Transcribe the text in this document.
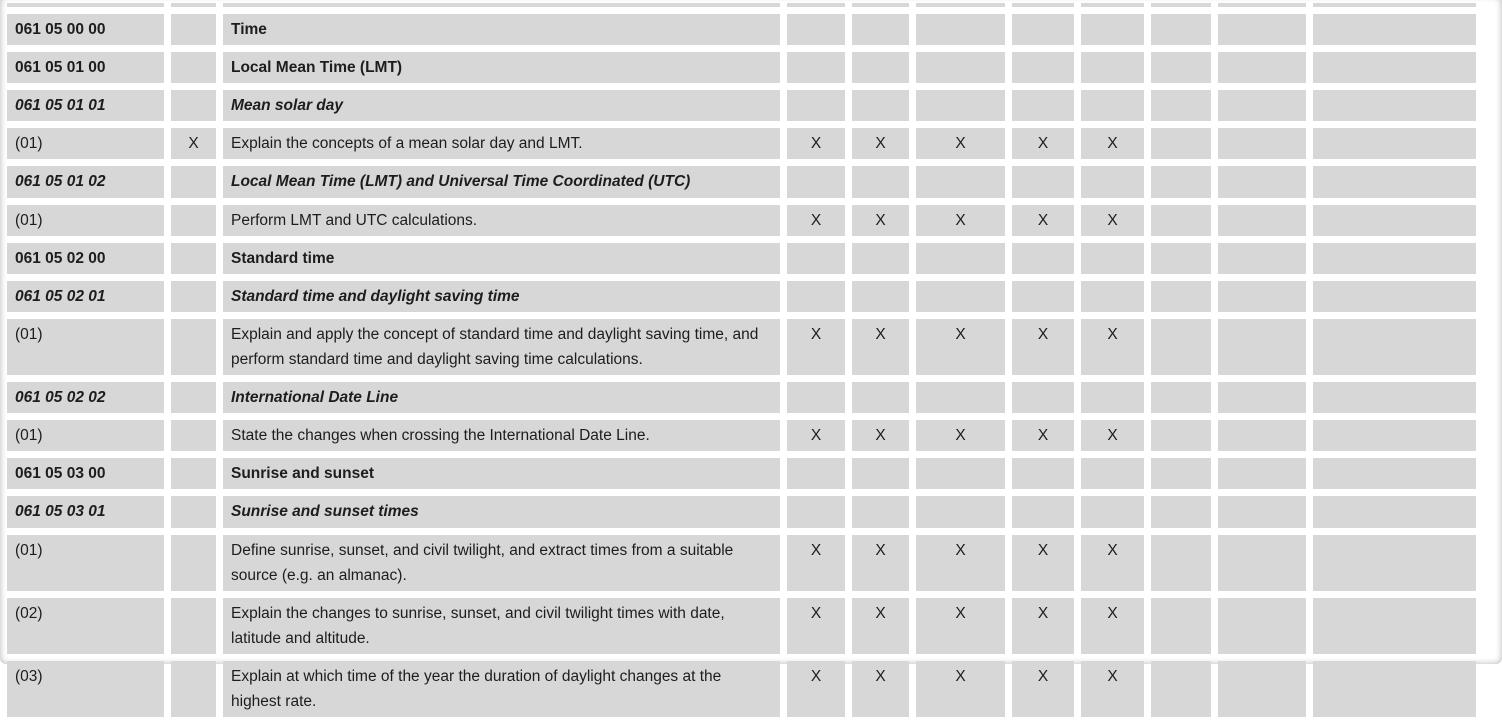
061 05 00 00		Time								
061 05 01 00		Local Mean Time (LMT)								
061 05 01 01		Mean solar day								
(01)	X	Explain the concepts of a mean solar day and LMT.	X	X	X	X	X			
061 05 01 02		Local Mean Time (LMT) and Universal Time Coordinated (UTC)								
(01)		Perform LMT and UTC calculations.	X	X	X	X	X			
061 05 02 00		Standard time								
061 05 02 01		Standard time and daylight saving time								
(01)		Explain and apply the concept of standard time and daylight saving time, and perform standard time and daylight saving time calculations.	X	X	X	X	X			
061 05 02 02		International Date Line								
(01)		State the changes when crossing the International Date Line.	X	X	X	X	X			
061 05 03 00		Sunrise and sunset								
061 05 03 01		Sunrise and sunset times								
(01)		Define sunrise, sunset, and civil twilight, and extract times from a suitable source (e.g. an almanac).	X	X	X	X	X			
(02)		Explain the changes to sunrise, sunset, and civil twilight times with date, latitude and altitude.	X	X	X	X	X			
(03)		Explain at which time of the year the duration of daylight changes at the highest rate.	X	X	X	X	X			
